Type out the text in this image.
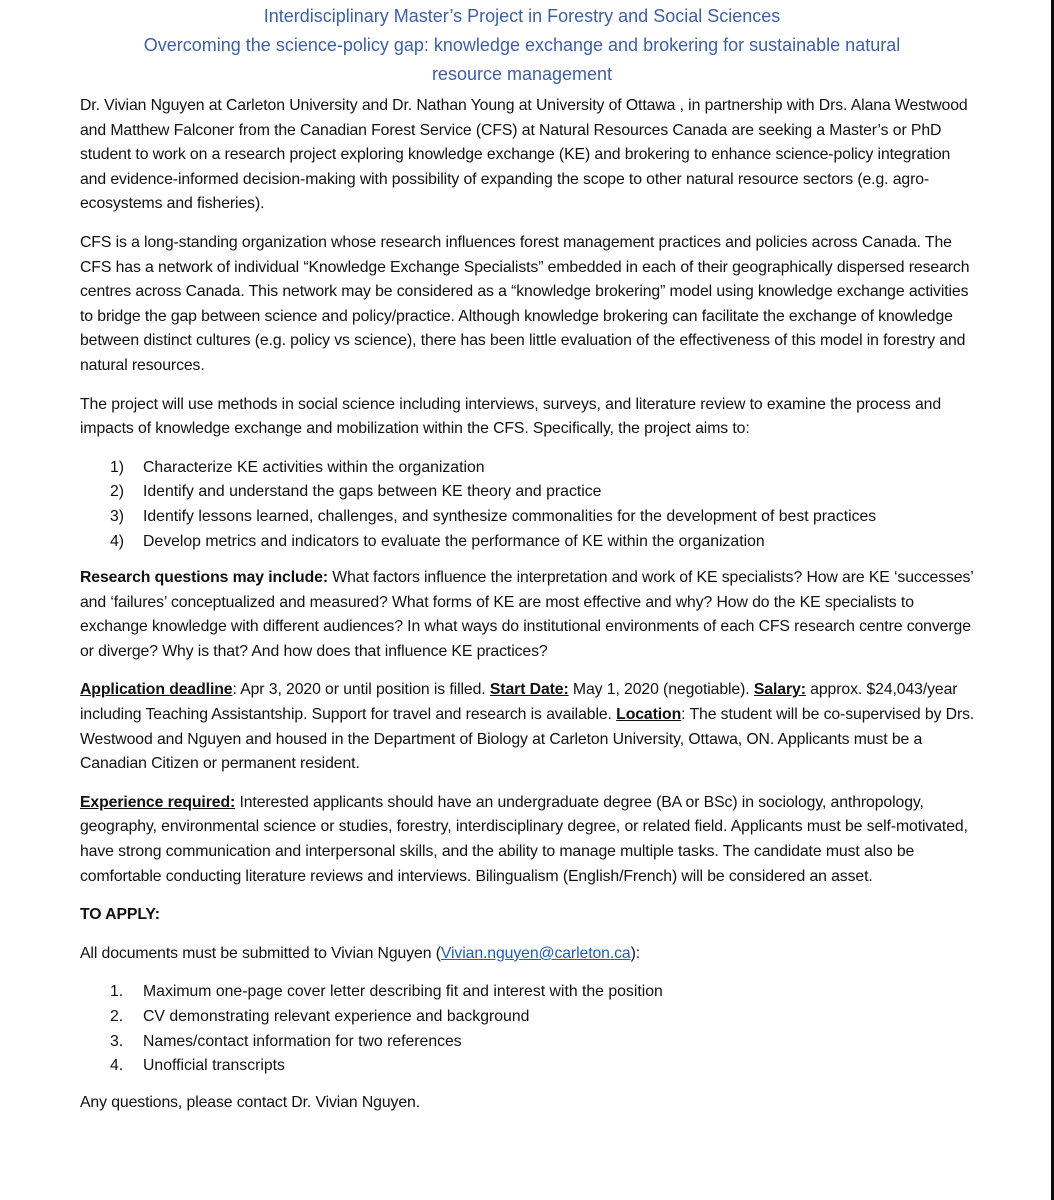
Interdisciplinary Master’s Project in Forestry and Social Sciences
Overcoming the science-policy gap: knowledge exchange and brokering for sustainable natural
resource management

Dr. Vivian Nguyen at Carleton University and Dr. Nathan Young at University of Ottawa , in partnership with Drs. Alana Westwood and Matthew Falconer from the Canadian Forest Service (CFS) at Natural Resources Canada are seeking a Master’s or PhD student to work on a research project exploring knowledge exchange (KE) and brokering to enhance science-policy integration and evidence-informed decision-making with possibility of expanding the scope to other natural resource sectors (e.g. agro-ecosystems and fisheries).

CFS is a long-standing organization whose research influences forest management practices and policies across Canada. The CFS has a network of individual “Knowledge Exchange Specialists” embedded in each of their geographically dispersed research centres across Canada. This network may be considered as a “knowledge brokering” model using knowledge exchange activities to bridge the gap between science and policy/practice. Although knowledge brokering can facilitate the exchange of knowledge between distinct cultures (e.g. policy vs science), there has been little evaluation of the effectiveness of this model in forestry and natural resources.

The project will use methods in social science including interviews, surveys, and literature review to examine the process and impacts of knowledge exchange and mobilization within the CFS. Specifically, the project aims to:

1)	Characterize KE activities within the organization
2)	Identify and understand the gaps between KE theory and practice
3)	Identify lessons learned, challenges, and synthesize commonalities for the development of best practices
4)	Develop metrics and indicators to evaluate the performance of KE within the organization

Research questions may include: What factors influence the interpretation and work of KE specialists? How are KE ‘successes’ and ‘failures’ conceptualized and measured? What forms of KE are most effective and why? How do the KE specialists to exchange knowledge with different audiences? In what ways do institutional environments of each CFS research centre converge or diverge? Why is that? And how does that influence KE practices?

Application deadline: Apr 3, 2020 or until position is filled. Start Date: May 1, 2020 (negotiable). Salary: approx. $24,043/year including Teaching Assistantship. Support for travel and research is available. Location: The student will be co-supervised by Drs. Westwood and Nguyen and housed in the Department of Biology at Carleton University, Ottawa, ON. Applicants must be a Canadian Citizen or permanent resident.

Experience required: Interested applicants should have an undergraduate degree (BA or BSc) in sociology, anthropology, geography, environmental science or studies, forestry, interdisciplinary degree, or related field. Applicants must be self-motivated, have strong communication and interpersonal skills, and the ability to manage multiple tasks. The candidate must also be comfortable conducting literature reviews and interviews. Bilingualism (English/French) will be considered an asset.

TO APPLY:

All documents must be submitted to Vivian Nguyen (Vivian.nguyen@carleton.ca):

1.	Maximum one-page cover letter describing fit and interest with the position
2.	CV demonstrating relevant experience and background
3.	Names/contact information for two references
4.	Unofficial transcripts

Any questions, please contact Dr. Vivian Nguyen.
